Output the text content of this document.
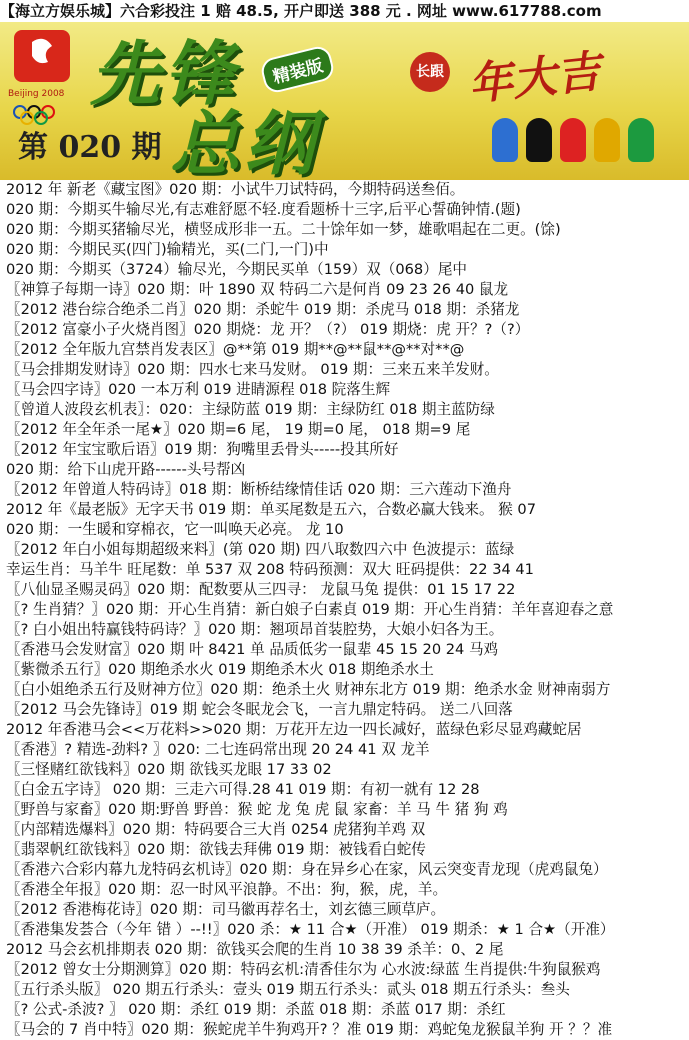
【海立方娱乐城】六合彩投注 1 赔 48.5, 开户即送 388 元 . 网址 www.617788.com
Beijing 2008 先锋
总纲
精装版
第 020 期
长跟 年大吉
2012 年 新老《藏宝图》020 期：小试牛刀试特码，今期特码送叁佰。
020 期：今期买牛输尽光,有志难舒愿不轻.度看题桥十三字,后平心誓确钟情.(题)
020 期：今期买猪输尽光，横竖成形非一五。二十馀年如一梦，雄歌唱起在二更。(馀)
020 期：今期民买(四门)输精光，买(二门,一门)中
020 期：今期买（3724）输尽光，今期民买单（159）双（068）尾中
〖神算子每期一诗〗020 期：叶 1890 双 特码二六是何肖 09 23 26 40 鼠龙
〖2012 港台综合绝杀二肖〗020 期：杀蛇牛 019 期：杀虎马 018 期：杀猪龙
〖2012 富豪小子火烧肖图〗020 期烧：龙 开？（?） 019 期烧：虎 开？?（?）
〖2012 全年版九宫禁肖发表区〗@**第 019 期**@**鼠**@**对**@
〖马会排期发财诗〗020 期：四水七来马发财。 019 期：三来五来羊发财。
〖马会四字诗〗020 一本万利 019 进睛源程 018 院落生辉
〖曾道人波段玄机表〗：020：主绿防蓝 019 期：主绿防红 018 期主蓝防绿
〖2012 年全年杀一尾★〗020 期=6 尾， 19 期=0 尾， 018 期=9 尾
〖2012 年宝宝歌后语〗019 期：狗嘴里丢骨头-----投其所好
020 期：给下山虎开路------头号帮凶
〖2012 年曾道人特码诗〗018 期：断桥结缘情佳话 020 期：三六莲动下渔舟
2012 年《最老版》无字天书 019 期：单买尾数是五六，合数必赢大钱来。 猴 07
020 期：一生暖和穿棉衣，它一叫唤天必亮。 龙 10
〖2012 年白小姐每期超级来料〗(第 020 期) 四八取数四六中 色波提示：蓝绿
幸运生肖：马羊牛 旺尾数：单 537 双 208 特码预测：双大 旺码提供：22 34 41
〖八仙显圣赐灵码〗020 期：配数要从三四寻： 龙鼠马兔 提供：01 15 17 22
〖? 生肖猜？〗020 期：开心生肖猜：新白娘子白素貞 019 期：开心生肖猜：羊年喜迎春之意
〖? 白小姐出特赢钱特码诗？〗020 期：翘项昂首装腔势，大娘小妇各为王。
〖香港马会发财富〗020 期 叶 8421 单 品质低劣一鼠辈 45 15 20 24 马鸡
〖紫微杀五行〗020 期绝杀水火 019 期绝杀木火 018 期绝杀水土
〖白小姐绝杀五行及财神方位〗020 期：绝杀土火 财神东北方 019 期：绝杀水金 财神南弱方
〖2012 马会先锋诗〗019 期 蛇会冬眠龙会飞，一言九鼎定特码。 送二八回落
2012 年香港马会<<万花料>>020 期：万花开左边一四长减好，蓝绿色彩尽显鸡藏蛇居
〖香港〗? 精选-劲料? 〗020: 二七连码常出现 20 24 41 双 龙羊
〖三怪赌红欲钱料〗020 期 欲钱买龙眼 17 33 02
〖白金五字诗〗 020 期：三走六可得.28 41 019 期：有初一就有 12 28
〖野兽与家畜〗020 期:野兽 野兽：猴 蛇 龙 兔 虎 鼠 家畜：羊 马 牛 猪 狗 鸡
〖内部精选爆料〗020 期：特码要合三大肖 0254 虎猪狗羊鸡 双
〖翡翠帆红欲钱料〗020 期：欲钱去拜佛 019 期：被钱看白蛇传
〖香港六合彩内幕九龙特码玄机诗〗020 期：身在异乡心在家，风云突变青龙现（虎鸡鼠兔）
〖香港全年报〗020 期：忍一时风平浪静。不出：狗，猴，虎，羊。
〖2012 香港梅花诗〗020 期：司马徽再荐名士，刘玄德三顾草庐。
〖香港集发荟合（今年 错 ）--!!〗020 杀：★ 11 合★（开准） 019 期杀：★ 1 合★（开准）
2012 马会玄机排期表 020 期：欲钱买会爬的生肖 10 38 39 杀羊：0、2 尾
〖2012 曾女士分期测算〗020 期：特码玄机:清香佳尔为 心水波:绿蓝 生肖提供:牛狗鼠猴鸡
〖五行杀头版〗 020 期五行杀头：壹头 019 期五行杀头：贰头 018 期五行杀头：叁头
〖? 公式-杀波? 〗 020 期：杀红 019 期：杀蓝 018 期：杀蓝 017 期：杀红
〖马会的 7 肖中特〗020 期：猴蛇虎羊牛狗鸡开? ？准 019 期：鸡蛇兔龙猴鼠羊狗 开 ？？准
